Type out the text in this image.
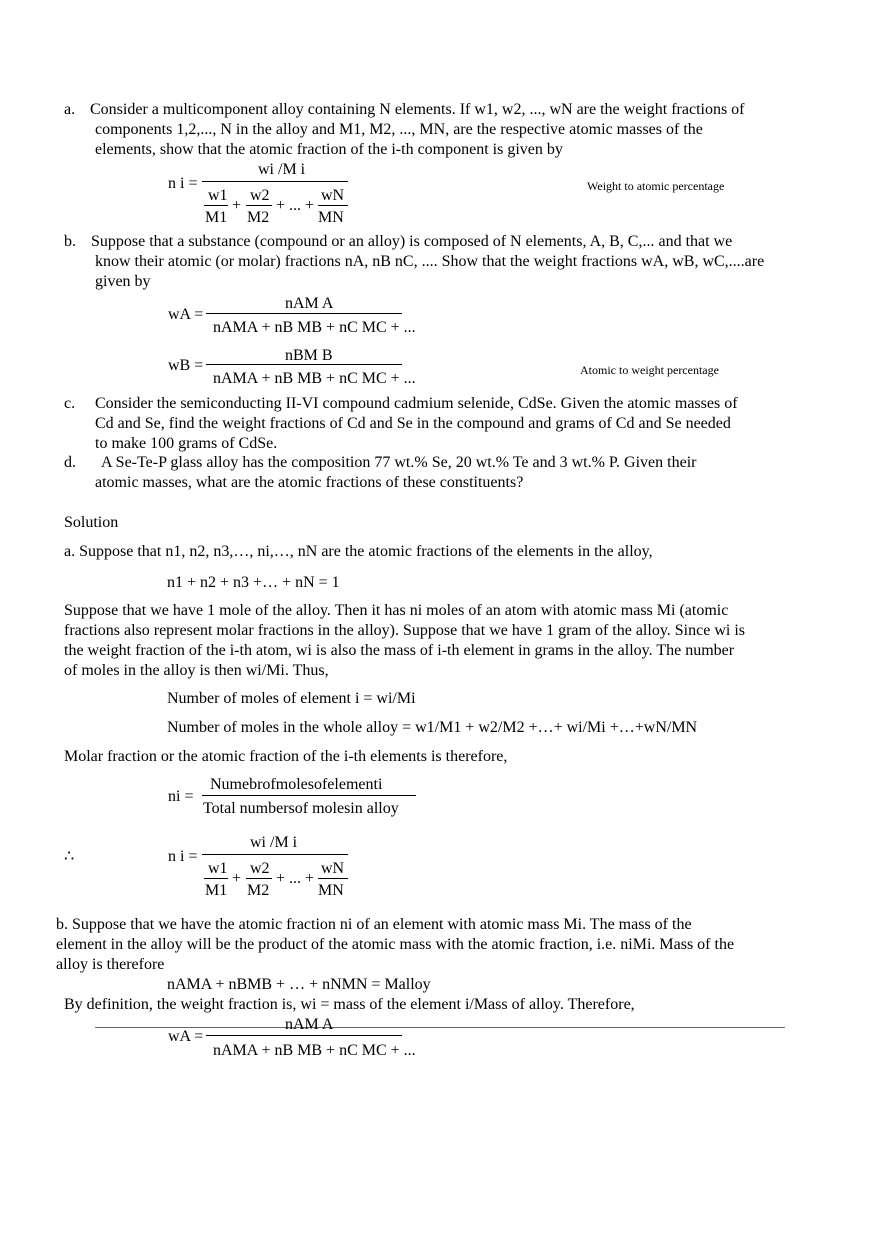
a. Consider a multicomponent alloy containing N elements. If w1, w2, ..., wN are the weight fractions of
components 1,2,..., N in the alloy and M1, M2, ..., MN, are the respective atomic masses of the
elements, show that the atomic fraction of the i-th component is given by
n i =
wi /M i
w1
M1
+
w2
M2
+ ... +
wN
MN
Weight to atomic percentage
b. Suppose that a substance (compound or an alloy) is composed of N elements, A, B, C,... and that we
know their atomic (or molar) fractions nA, nB nC, .... Show that the weight fractions wA, wB, wC,....are
given by
wA =
nAM A
nAMA + nB MB + nC MC + ...
wB =
nBM B
nAMA + nB MB + nC MC + ...	Atomic to weight percentage
c. Consider the semiconducting II-VI compound cadmium selenide, CdSe. Given the atomic masses of
Cd and Se, find the weight fractions of Cd and Se in the compound and grams of Cd and Se needed
to make 100 grams of CdSe.
d. A Se-Te-P glass alloy has the composition 77 wt.% Se, 20 wt.% Te and 3 wt.% P. Given their
atomic masses, what are the atomic fractions of these constituents?
Solution
a. Suppose that n1, n2, n3,…, ni,…, nN are the atomic fractions of the elements in the alloy,
n1 + n2 + n3 +… + nN = 1
Suppose that we have 1 mole of the alloy. Then it has ni moles of an atom with atomic mass Mi (atomic
fractions also represent molar fractions in the alloy). Suppose that we have 1 gram of the alloy. Since wi is
the weight fraction of the i-th atom, wi is also the mass of i-th element in grams in the alloy. The number
of moles in the alloy is then wi/Mi. Thus,
Number of moles of element i = wi/Mi
Number of moles in the whole alloy = w1/M1 + w2/M2 +…+ wi/Mi +…+wN/MN
Molar fraction or the atomic fraction of the i-th elements is therefore,
ni =
Numebrofmolesofelementi
Total numbersof molesin alloy
∴	n i =
wi /M i
w1
M1
+
w2
M2
+ ... +
wN
MN
b. Suppose that we have the atomic fraction ni of an element with atomic mass Mi. The mass of the
element in the alloy will be the product of the atomic mass with the atomic fraction, i.e. niMi. Mass of the
alloy is therefore
nAMA + nBMB + … + nNMN = Malloy
By definition, the weight fraction is, wi = mass of the element i/Mass of alloy. Therefore,
wA =
nAM A
nAMA + nB MB + nC MC + ...
